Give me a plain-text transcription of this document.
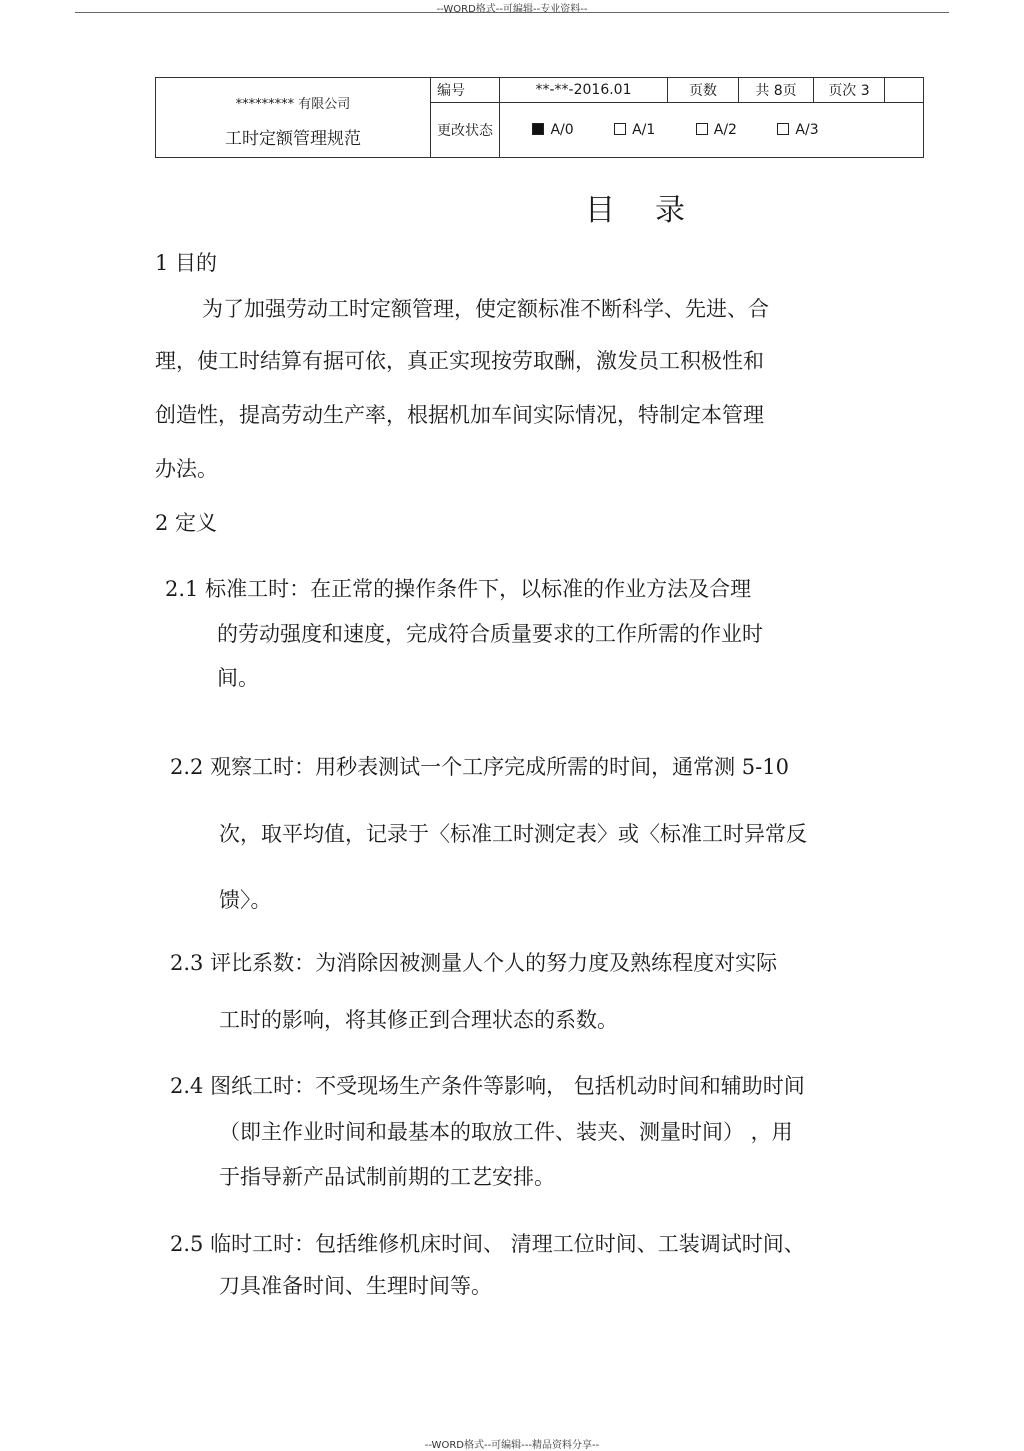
--WORD格式--可编辑--专业资料--
********* 有限公司
工时定额管理规范	编号	**-**-2016.01	页数	共 8页	页次 3	
	更改状态	A/0 A/1 A/2 A/3				
目录
1 目的
为了加强劳动工时定额管理，使定额标准不断科学、先进、合
理，使工时结算有据可依，真正实现按劳取酬，激发员工积极性和
创造性，提高劳动生产率，根据机加车间实际情况，特制定本管理
办法。
2 定义
2.1 标准工时：在正常的操作条件下，以标准的作业方法及合理
的劳动强度和速度，完成符合质量要求的工作所需的作业时
间。
2.2 观察工时：用秒表测试一个工序完成所需的时间，通常测 5-10
次，取平均值，记录于〈标准工时测定表〉或〈标准工时异常反
馈〉。
2.3 评比系数：为消除因被测量人个人的努力度及熟练程度对实际
工时的影响，将其修正到合理状态的系数。
2.4 图纸工时：不受现场生产条件等影响， 包括机动时间和辅助时间
（即主作业时间和最基本的取放工件、装夹、测量时间） ，用
于指导新产品试制前期的工艺安排。
2.5 临时工时：包括维修机床时间、 清理工位时间、工装调试时间、
刀具准备时间、生理时间等。
--WORD格式--可编辑---精品资料分享--
